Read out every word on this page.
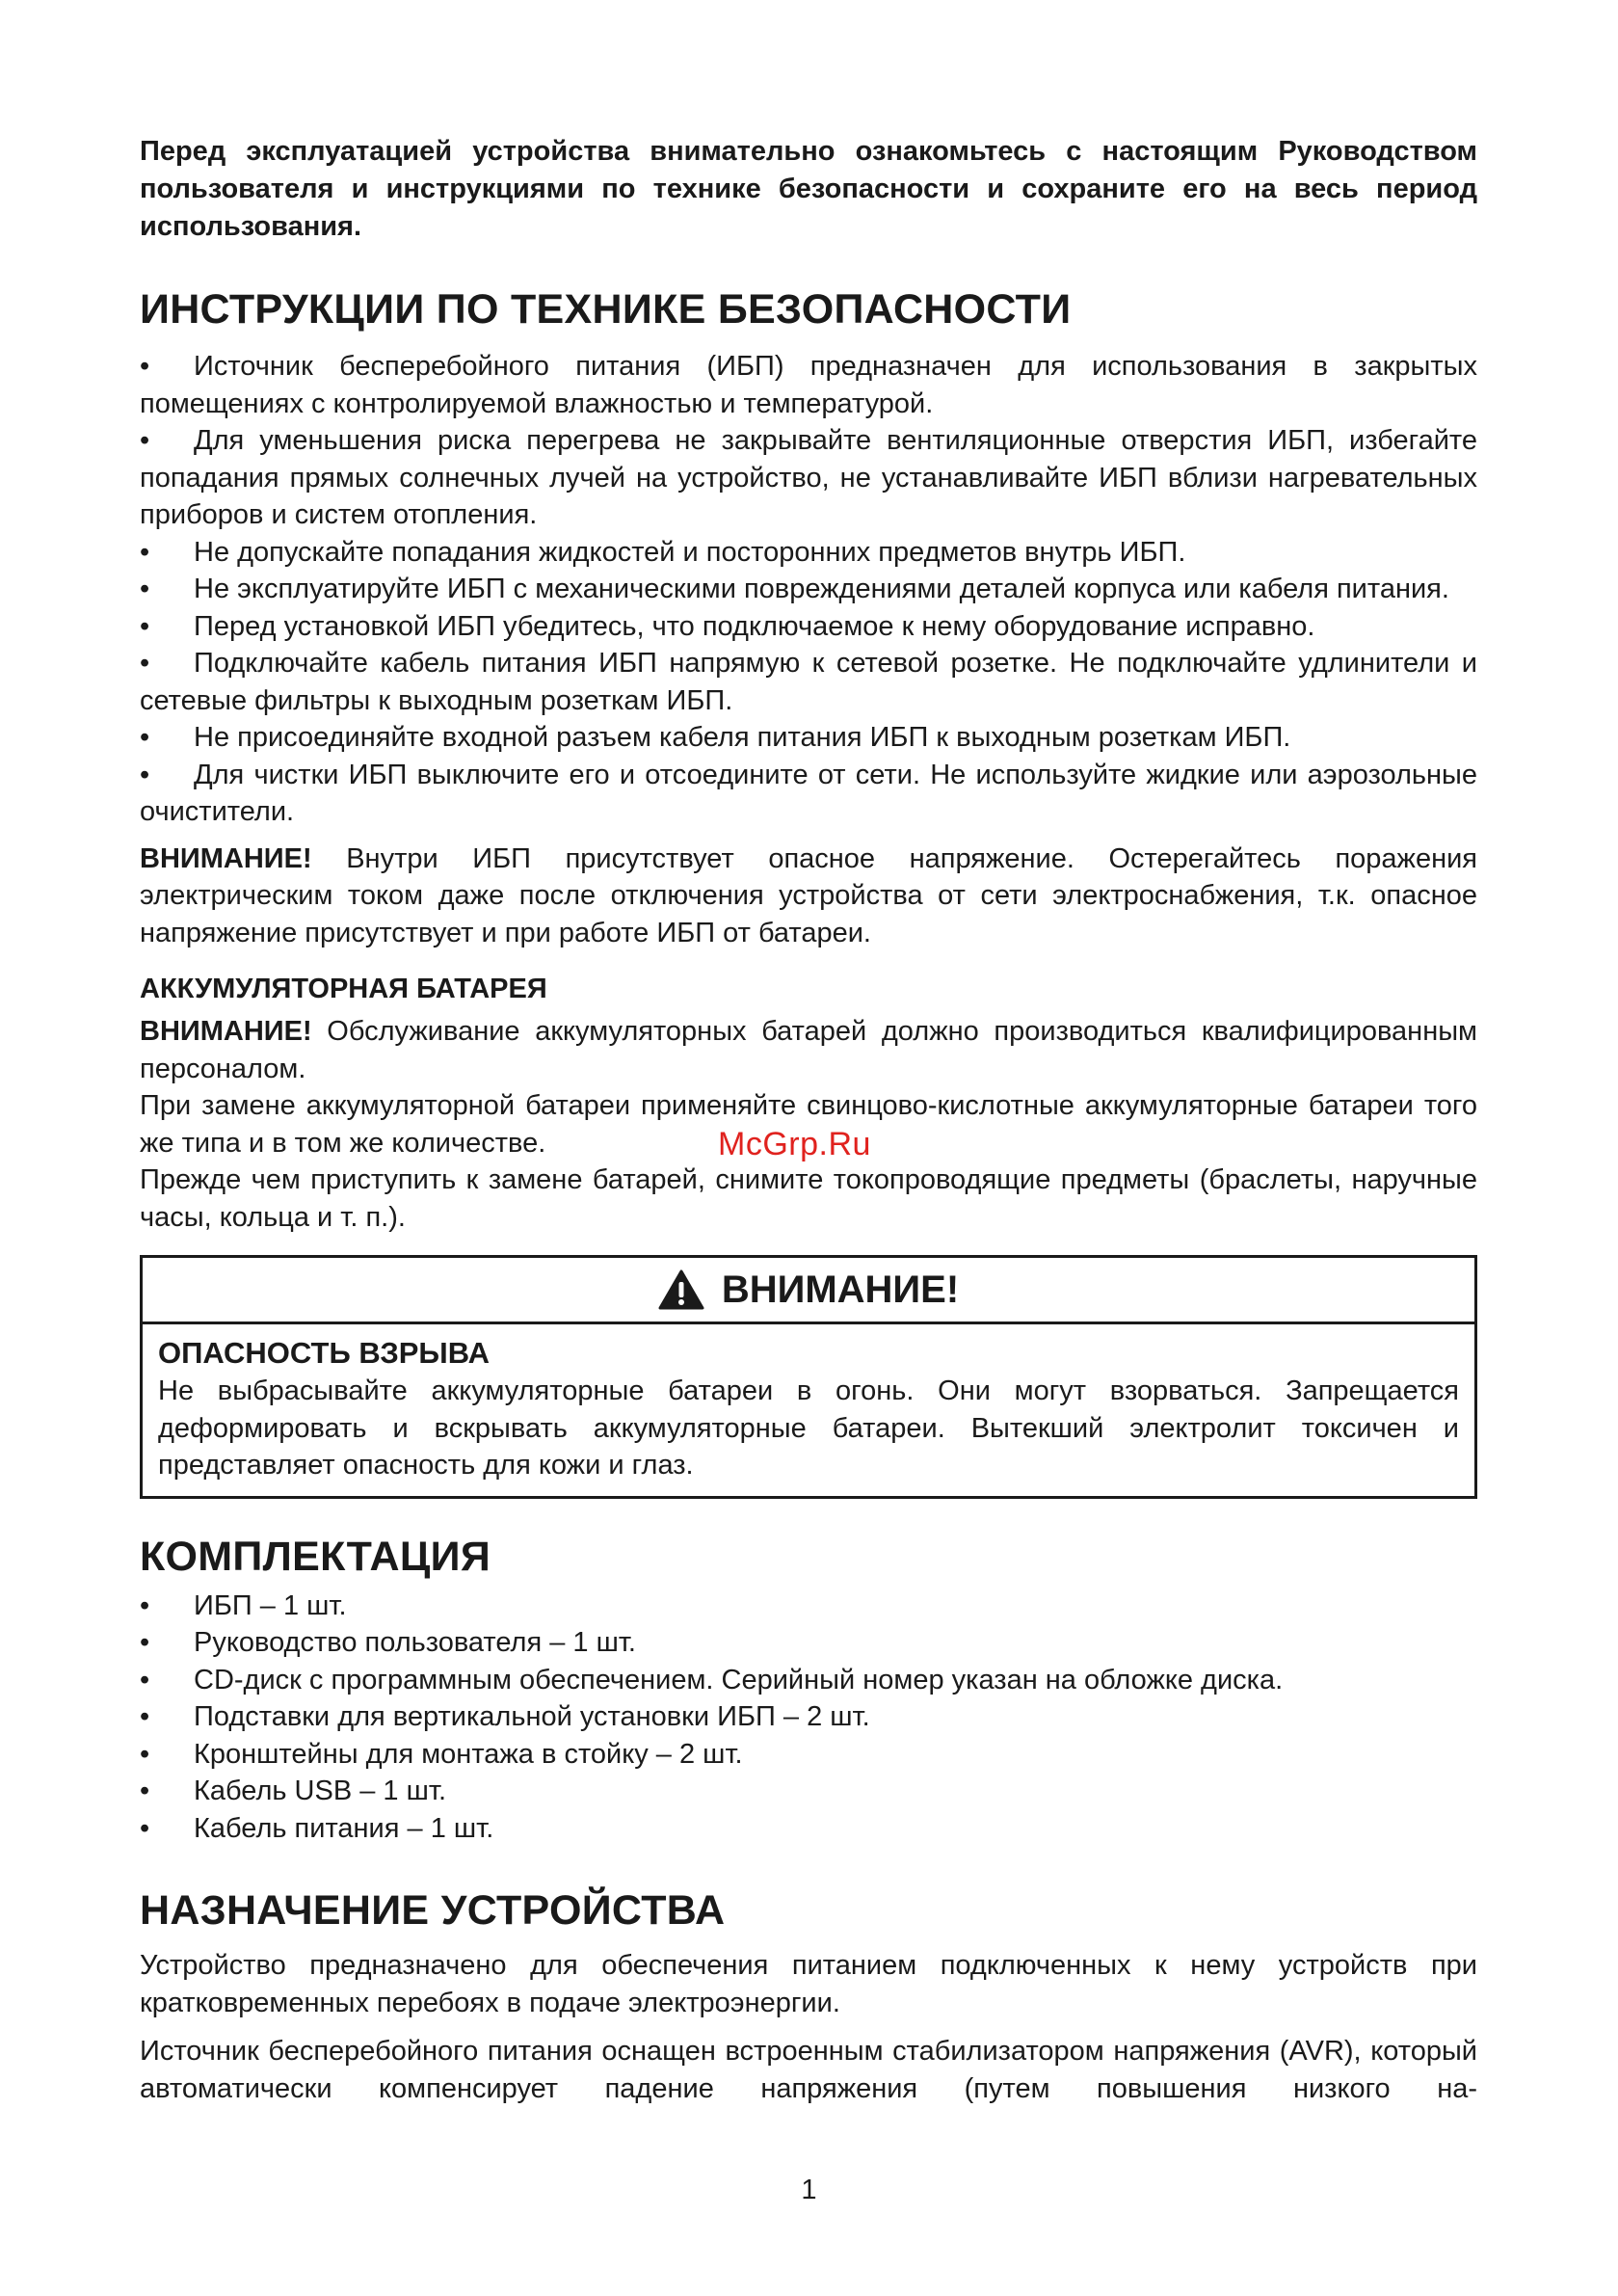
Перед эксплуатацией устройства внимательно ознакомьтесь с настоящим Руководством пользователя и инструкциями по технике безопасности и сохраните его на весь период использования.

ИНСТРУКЦИИ ПО ТЕХНИКЕ БЕЗОПАСНОСТИ
• Источник бесперебойного питания (ИБП) предназначен для использования в закрытых помещениях с контролируемой влажностью и температурой.
• Для уменьшения риска перегрева не закрывайте вентиляционные отверстия ИБП, избегайте попадания прямых солнечных лучей на устройство, не устанавливайте ИБП вблизи нагревательных приборов и систем отопления.
• Не допускайте попадания жидкостей и посторонних предметов внутрь ИБП.
• Не эксплуатируйте ИБП с механическими повреждениями деталей корпуса или кабеля питания.
• Перед установкой ИБП убедитесь, что подключаемое к нему оборудование исправно.
• Подключайте кабель питания ИБП напрямую к сетевой розетке. Не подключайте удлинители и сетевые фильтры к выходным розеткам ИБП.
• Не присоединяйте входной разъем кабеля питания ИБП к выходным розеткам ИБП.
• Для чистки ИБП выключите его и отсоедините от сети. Не используйте жидкие или аэрозольные очистители.

ВНИМАНИЕ! Внутри ИБП присутствует опасное напряжение. Остерегайтесь поражения электрическим током даже после отключения устройства от сети электроснабжения, т.к. опасное напряжение присутствует и при работе ИБП от батареи.

АККУМУЛЯТОРНАЯ БАТАРЕЯ

ВНИМАНИЕ! Обслуживание аккумуляторных батарей должно производиться квалифицированным персоналом.

При замене аккумуляторной батареи применяйте свинцово-кислотные аккумуляторные батареи того же типа и в том же количестве.

Прежде чем приступить к замене батарей, снимите токопроводящие предметы (браслеты, наручные часы, кольца и т. п.).

ВНИМАНИЕ!
ОПАСНОСТЬ ВЗРЫВА

Не выбрасывайте аккумуляторные батареи в огонь. Они могут взорваться. Запрещается деформировать и вскрывать аккумуляторные батареи. Вытекший электролит токсичен и представляет опасность для кожи и глаз.

КОМПЛЕКТАЦИЯ
•	ИБП – 1 шт.
•	Руководство пользователя – 1 шт.
•	CD-диск с программным обеспечением. Серийный номер указан на обложке диска.
•	Подставки для вертикальной установки ИБП – 2 шт.
•	Кронштейны для монтажа в стойку – 2 шт.
•	Кабель USB – 1 шт.
•	Кабель питания – 1 шт.
НАЗНАЧЕНИЕ УСТРОЙСТВА

Устройство предназначено для обеспечения питанием подключенных к нему устройств при кратковременных перебоях в подаче электроэнергии.

Источник бесперебойного питания оснащен встроенным стабилизатором напряжения (AVR), который автоматически компенсирует падение напряжения (путем повышения низкого на-

McGrp.Ru
1
